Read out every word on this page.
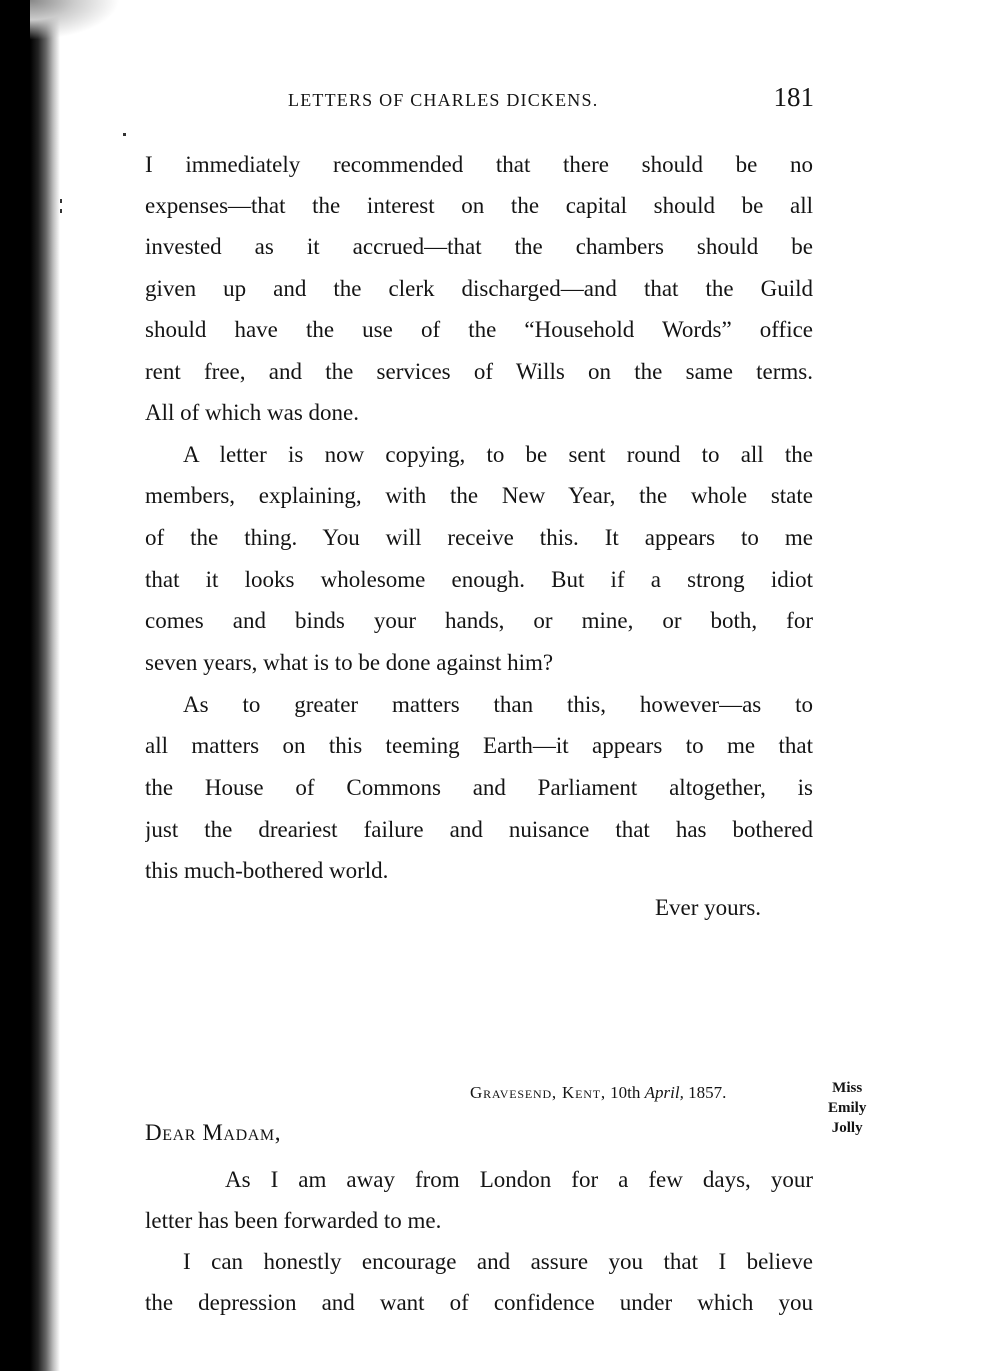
LETTERS OF CHARLES DICKENS.	181
I immediately recommended that there should be no
expenses—that the interest on the capital should be all
invested as it accrued—that the chambers should be
given up and the clerk discharged—and that the Guild
should have the use of the “Household Words” office
rent free, and the services of Wills on the same terms.
All of which was done.
A letter is now copying, to be sent round to all the
members, explaining, with the New Year, the whole state
of the thing. You will receive this. It appears to me
that it looks wholesome enough. But if a strong idiot
comes and binds your hands, or mine, or both, for
seven years, what is to be done against him?
As to greater matters than this, however—as to
all matters on this teeming Earth—it appears to me that
the House of Commons and Parliament altogether, is
just the dreariest failure and nuisance that has bothered
this much-bothered world.
Ever yours.
Gravesend, Kent, 10th April, 1857.	Miss
Emily
Jolly
Dear Madam,
As I am away from London for a few days, your
letter has been forwarded to me.
I can honestly encourage and assure you that I believe
the depression and want of confidence under which you
